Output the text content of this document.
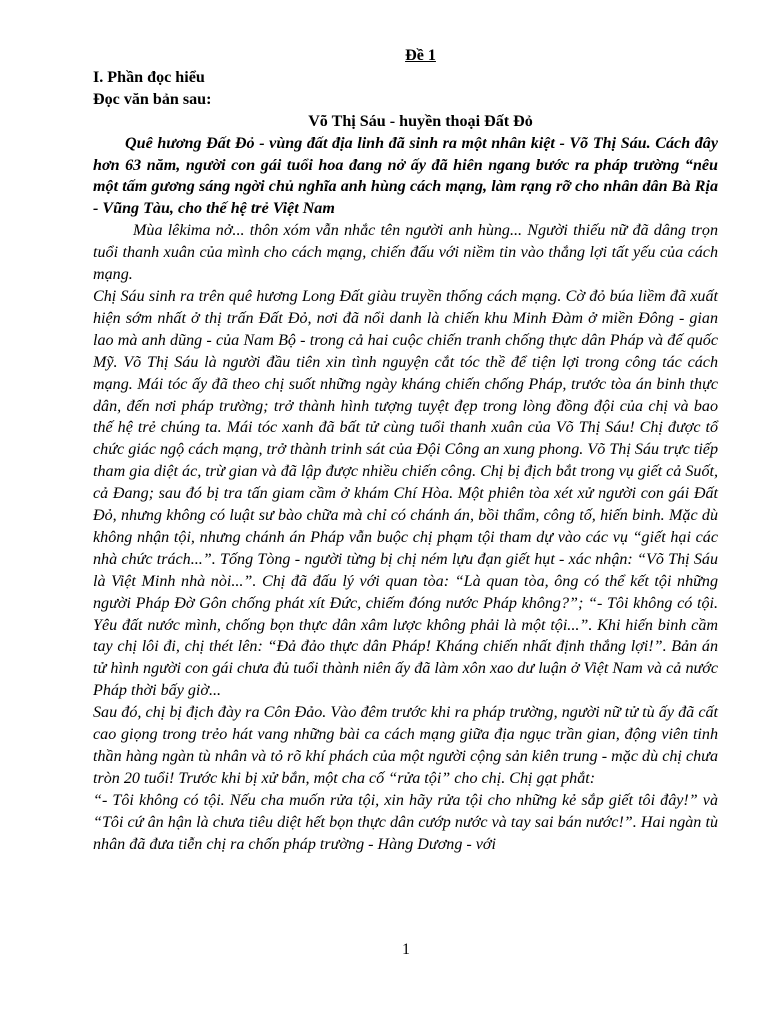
Đề 1

I. Phần đọc hiểu

Đọc văn bản sau:

Võ Thị Sáu - huyền thoại Đất Đỏ

Quê hương Đất Đỏ - vùng đất địa linh đã sinh ra một nhân kiệt - Võ Thị Sáu. Cách đây hơn 63 năm, người con gái tuổi hoa đang nở ấy đã hiên ngang bước ra pháp trường “nêu một tấm gương sáng ngời chủ nghĩa anh hùng cách mạng, làm rạng rỡ cho nhân dân Bà Rịa - Vũng Tàu, cho thế hệ trẻ Việt Nam

Mùa lêkima nở... thôn xóm vẫn nhắc tên người anh hùng... Người thiếu nữ đã dâng trọn tuổi thanh xuân của mình cho cách mạng, chiến đấu với niềm tin vào thắng lợi tất yếu của cách mạng.

Chị Sáu sinh ra trên quê hương Long Đất giàu truyền thống cách mạng. Cờ đỏ búa liềm đã xuất hiện sớm nhất ở thị trấn Đất Đỏ, nơi đã nổi danh là chiến khu Minh Đàm ở miền Đông - gian lao mà anh dũng - của Nam Bộ - trong cả hai cuộc chiến tranh chống thực dân Pháp và đế quốc Mỹ. Võ Thị Sáu là người đầu tiên xin tình nguyện cắt tóc thề để tiện lợi trong công tác cách mạng. Mái tóc ấy đã theo chị suốt những ngày kháng chiến chống Pháp, trước tòa án binh thực dân, đến nơi pháp trường; trở thành hình tượng tuyệt đẹp trong lòng đồng đội của chị và bao thế hệ trẻ chúng ta. Mái tóc xanh đã bất tử cùng tuổi thanh xuân của Võ Thị Sáu! Chị được tổ chức giác ngộ cách mạng, trở thành trinh sát của Đội Công an xung phong. Võ Thị Sáu trực tiếp tham gia diệt ác, trừ gian và đã lập được nhiều chiến công. Chị bị địch bắt trong vụ giết cả Suốt, cả Đang; sau đó bị tra tấn giam cầm ở khám Chí Hòa. Một phiên tòa xét xử người con gái Đất Đỏ, nhưng không có luật sư bào chữa mà chỉ có chánh án, bồi thẩm, công tố, hiến binh. Mặc dù không nhận tội, nhưng chánh án Pháp vẫn buộc chị phạm tội tham dự vào các vụ “giết hại các nhà chức trách...”. Tống Tòng - người từng bị chị ném lựu đạn giết hụt - xác nhận: “Võ Thị Sáu là Việt Minh nhà nòi...”. Chị đã đấu lý với quan tòa: “Là quan tòa, ông có thể kết tội những người Pháp Đờ Gôn chống phát xít Đức, chiếm đóng nước Pháp không?”; “- Tôi không có tội. Yêu đất nước mình, chống bọn thực dân xâm lược không phải là một tội...”. Khi hiến binh cầm tay chị lôi đi, chị thét lên: “Đả đảo thực dân Pháp! Kháng chiến nhất định thắng lợi!”. Bản án tử hình người con gái chưa đủ tuổi thành niên ấy đã làm xôn xao dư luận ở Việt Nam và cả nước Pháp thời bấy giờ...

Sau đó, chị bị địch đày ra Côn Đảo. Vào đêm trước khi ra pháp trường, người nữ tử tù ấy đã cất cao giọng trong trẻo hát vang những bài ca cách mạng giữa địa ngục trần gian, động viên tinh thần hàng ngàn tù nhân và tỏ rõ khí phách của một người cộng sản kiên trung - mặc dù chị chưa tròn 20 tuổi! Trước khi bị xử bắn, một cha cố “rửa tội” cho chị. Chị gạt phắt:

“- Tôi không có tội. Nếu cha muốn rửa tội, xin hãy rửa tội cho những kẻ sắp giết tôi đây!” và “Tôi cứ ân hận là chưa tiêu diệt hết bọn thực dân cướp nước và tay sai bán nước!”. Hai ngàn tù nhân đã đưa tiễn chị ra chốn pháp trường - Hàng Dương - với

1
